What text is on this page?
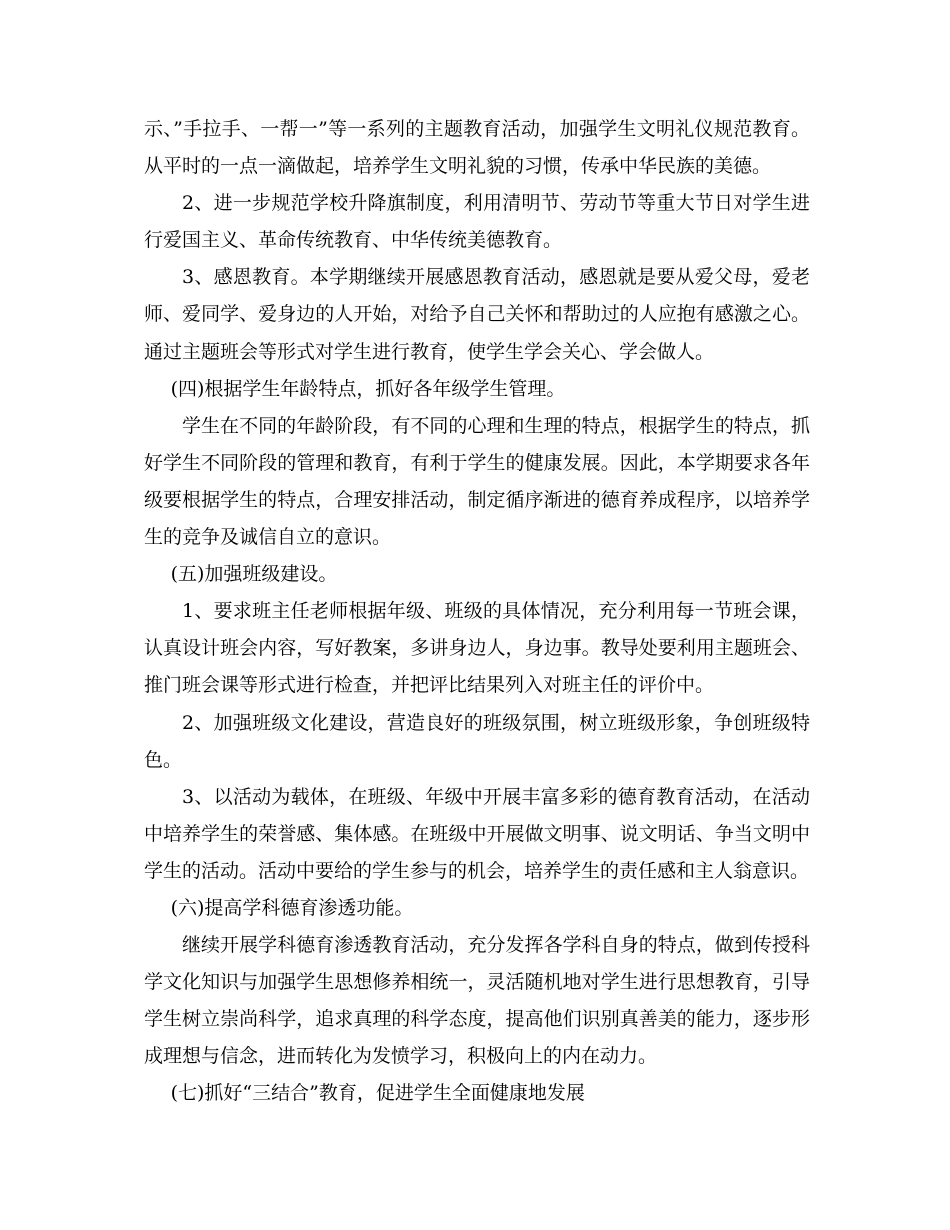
示、”手拉手、一帮一”等一系列的主题教育活动，加强学生文明礼仪规范教育。从平时的一点一滴做起，培养学生文明礼貌的习惯，传承中华民族的美德。

2、进一步规范学校升降旗制度，利用清明节、劳动节等重大节日对学生进行爱国主义、革命传统教育、中华传统美德教育。

3、感恩教育。本学期继续开展感恩教育活动，感恩就是要从爱父母，爱老师、爱同学、爱身边的人开始，对给予自己关怀和帮助过的人应抱有感激之心。通过主题班会等形式对学生进行教育，使学生学会关心、学会做人。

(四)根据学生年龄特点，抓好各年级学生管理。

学生在不同的年龄阶段，有不同的心理和生理的特点，根据学生的特点，抓好学生不同阶段的管理和教育，有利于学生的健康发展。因此，本学期要求各年级要根据学生的特点，合理安排活动，制定循序渐进的德育养成程序，以培养学生的竞争及诚信自立的意识。

(五)加强班级建设。

1、要求班主任老师根据年级、班级的具体情况，充分利用每一节班会课，认真设计班会内容，写好教案，多讲身边人，身边事。教导处要利用主题班会、推门班会课等形式进行检查，并把评比结果列入对班主任的评价中。

2、加强班级文化建设，营造良好的班级氛围，树立班级形象，争创班级特色。

3、以活动为载体，在班级、年级中开展丰富多彩的德育教育活动，在活动中培养学生的荣誉感、集体感。在班级中开展做文明事、说文明话、争当文明中学生的活动。活动中要给的学生参与的机会，培养学生的责任感和主人翁意识。

(六)提高学科德育渗透功能。

继续开展学科德育渗透教育活动，充分发挥各学科自身的特点，做到传授科学文化知识与加强学生思想修养相统一，灵活随机地对学生进行思想教育，引导学生树立崇尚科学，追求真理的科学态度，提高他们识别真善美的能力，逐步形成理想与信念，进而转化为发愤学习，积极向上的内在动力。

(七)抓好“三结合”教育，促进学生全面健康地发展
